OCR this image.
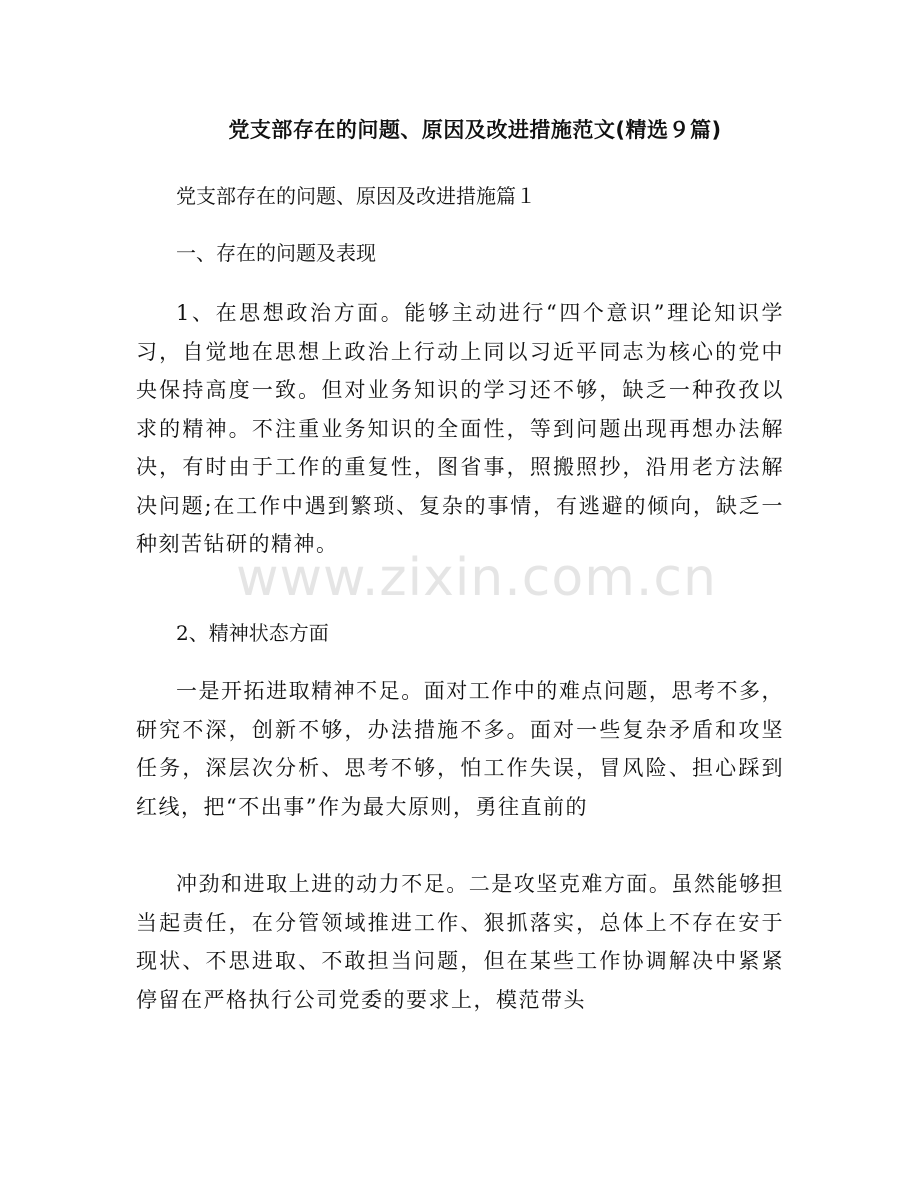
党支部存在的问题、原因及改进措施范文(精选９篇)
党支部存在的问题、原因及改进措施篇１
一、存在的问题及表现
1、在思想政治方面。能够主动进行“四个意识”理论知识学习，自觉地在思想上政治上行动上同以习近平同志为核心的党中央保持高度一致。但对业务知识的学习还不够，缺乏一种孜孜以求的精神。不注重业务知识的全面性，等到问题出现再想办法解决，有时由于工作的重复性，图省事，照搬照抄，沿用老方法解决问题;在工作中遇到繁琐、复杂的事情，有逃避的倾向，缺乏一种刻苦钻研的精神。
2、精神状态方面
一是开拓进取精神不足。面对工作中的难点问题，思考不多，研究不深，创新不够，办法措施不多。面对一些复杂矛盾和攻坚任务，深层次分析、思考不够，怕工作失误，冒风险、担心踩到红线，把“不出事”作为最大原则，勇往直前的
冲劲和进取上进的动力不足。二是攻坚克难方面。虽然能够担当起责任，在分管领域推进工作、狠抓落实，总体上不存在安于现状、不思进取、不敢担当问题，但在某些工作协调解决中紧紧停留在严格执行公司党委的要求上，模范带头
www.zixin.com.cn
